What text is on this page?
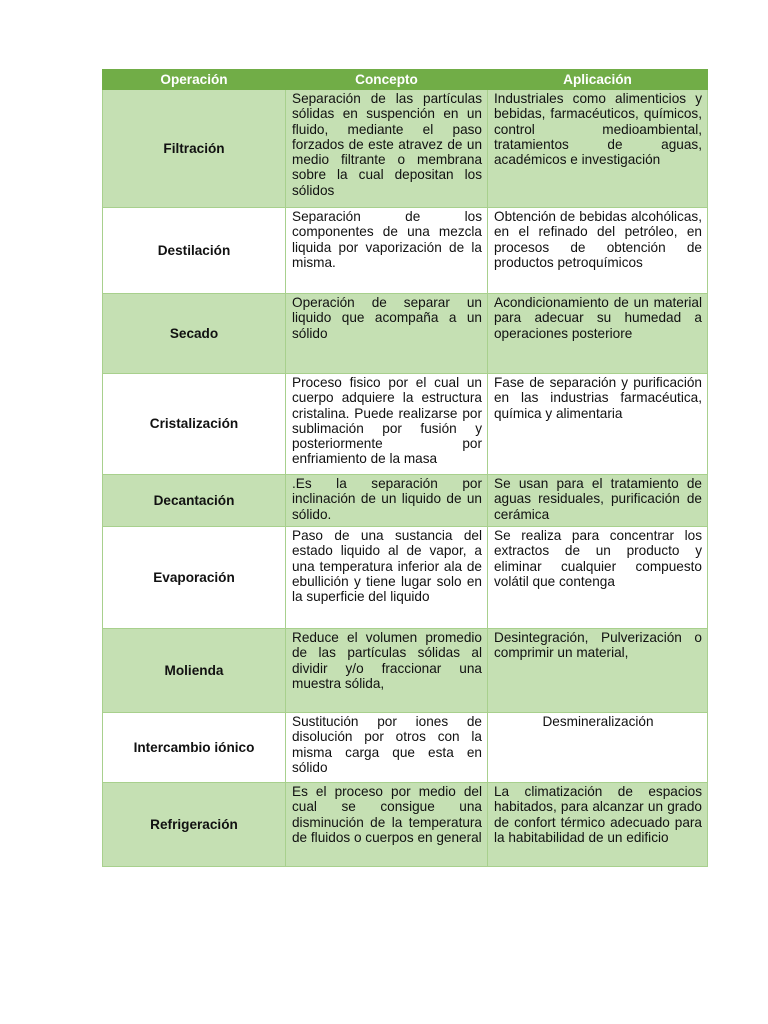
Operación	Concepto	Aplicación
Filtración	Separación de las partículas sólidas en suspención en un fluido, mediante el paso forzados de este atravez de un medio filtrante o membrana sobre la cual depositan los sólidos	Industriales como alimenticios y bebidas, farmacéuticos, químicos, control medioambiental, tratamientos de aguas, académicos e investigación
Destilación	Separación de los componentes de una mezcla liquida por vaporización de la misma.	Obtención de bebidas alcohólicas, en el refinado del petróleo, en procesos de obtención de productos petroquímicos
Secado	Operación de separar un liquido que acompaña a un sólido	Acondicionamiento de un material para adecuar su humedad a operaciones posteriore
Cristalización	Proceso fisico por el cual un cuerpo adquiere la estructura cristalina. Puede realizarse por sublimación por fusión y posteriormente por enfriamiento de la masa	Fase de separación y purificación en las industrias farmacéutica, química y alimentaria
Decantación	.Es la separación por inclinación de un liquido de un sólido.	Se usan para el tratamiento de aguas residuales, purificación de cerámica
Evaporación	Paso de una sustancia del estado liquido al de vapor, a una temperatura inferior ala de ebullición y tiene lugar solo en la superficie del liquido	Se realiza para concentrar los extractos de un producto y eliminar cualquier compuesto volátil que contenga
Molienda	Reduce el volumen promedio de las partículas sólidas al dividir y/o fraccionar una muestra sólida,	Desintegración, Pulverización o comprimir un material,
Intercambio iónico	Sustitución por iones de disolución por otros con la misma carga que esta en sólido	Desmineralización
Refrigeración	Es el proceso por medio del cual se consigue una disminución de la temperatura de fluidos o cuerpos en general	La climatización de espacios habitados, para alcanzar un grado de confort térmico adecuado para la habitabilidad de un edificio
